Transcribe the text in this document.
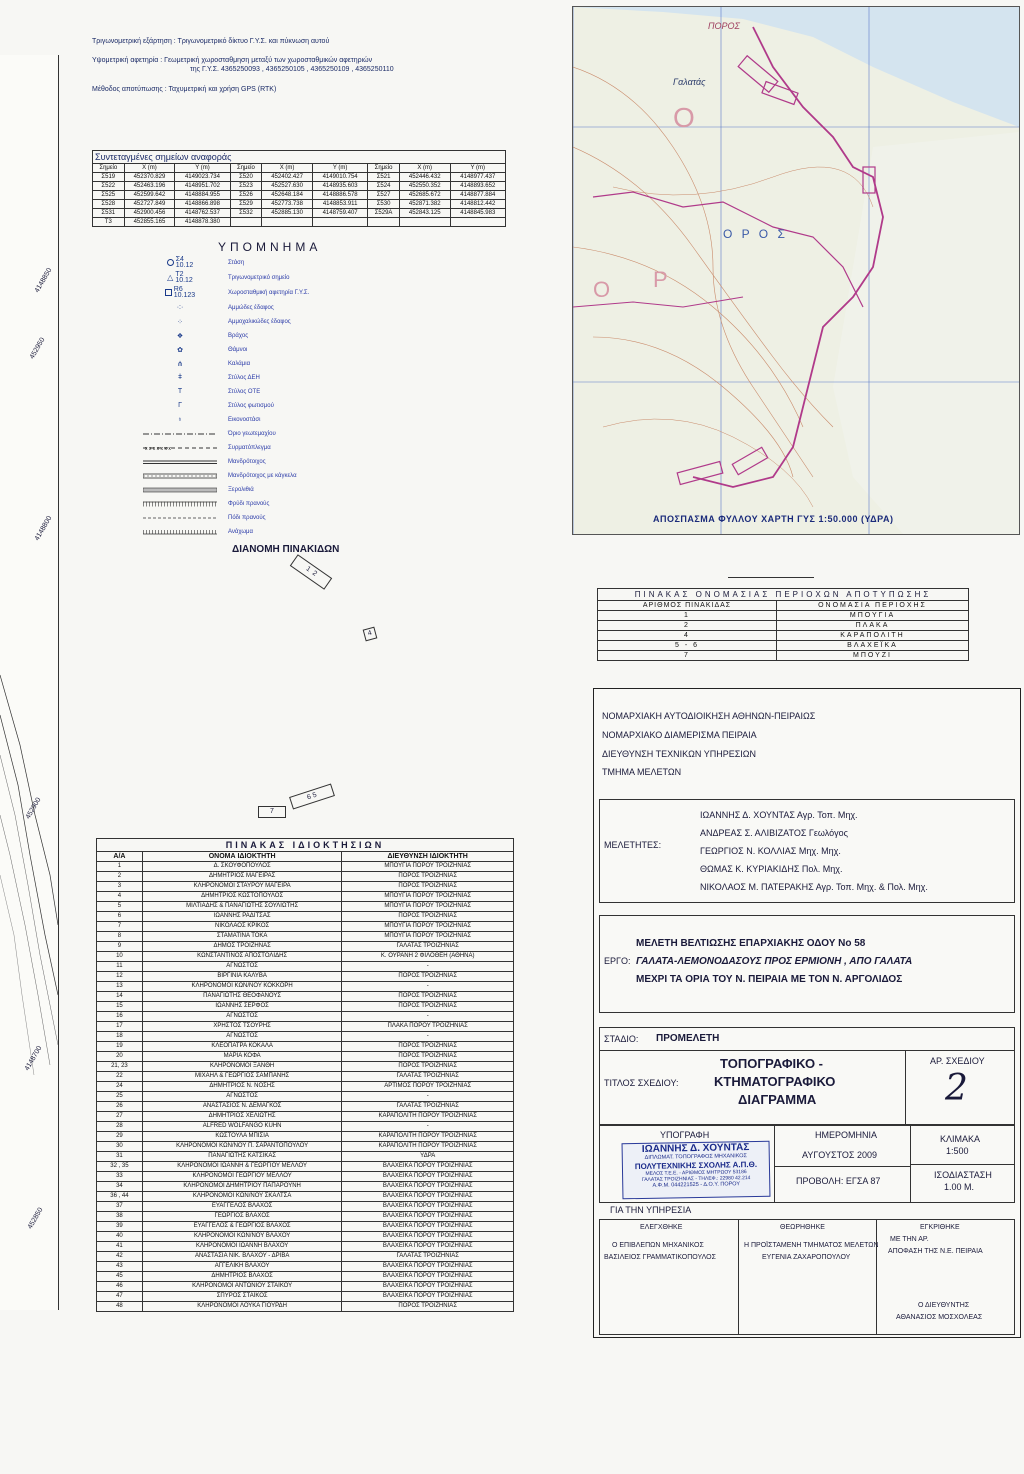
4148850
452950
4148800
452900
4148700
452850
Τριγωνομετρική εξάρτηση : Τριγωνομετρικό δίκτυο Γ.Υ.Σ. και πύκνωση αυτού
Υψομετρική αφετηρία : Γεωμετρική χωροσταθμηση μεταξύ των χωροσταθμικών αφετηριών
της Γ.Υ.Σ. 4365250093 , 4365250105 , 4365250109 , 4365250110
Μέθοδος αποτύπωσης : Ταχυμετρική και χρήση GPS (RTK)
Συντεταγμένες σημείων αναφοράς
Σημείο	X (m)	Y (m)	Σημείο	X (m)	Y (m)	Σημείο	X (m)	Y (m)
Σ519	452370.829	4149023.734	Σ520	452402.427	4149010.754	Σ521	452446.432	4148977.437
Σ522	452463.196	4148951.702	Σ523	452527.630	4148935.603	Σ524	452550.352	4148893.652
Σ525	452599.642	4148884.955	Σ526	452648.184	4148886.578	Σ527	452685.672	4148877.884
Σ528	452727.849	4148866.898	Σ529	452773.738	4148853.911	Σ530	452871.382	4148812.442
Σ531	452900.456	4148762.537	Σ532	452885.130	4148759.407	Σ529Α	452843.125	4148845.983
Τ3	452855.165	4148878.380						
ΥΠΟΜΝΗΜΑ
Σ4
10.12	Στάση
△ Τ2
10.12	Τριγωνομετρικό σημείο
R6
10.123	Χωροσταθμική αφετηρία Γ.Υ.Σ.
·:·	Αμμώδες έδαφος
⁘	Αμμοχαλικώδες έδαφος
❖	Βράχος
✿	Θάμνοι
⋔	Καλάμια
ǂ	Στύλος ΔΕΗ
T	Στύλος ΟΤΕ
Г	Στύλος φωτισμού
♁	Εικονοστάσι
Όριο γεωτεμαχίου
x x x x x x x	Συρματόπλεγμα
Μανδρότοιχος
Μανδρότοιχος με κάγκελα
Ξερολιθιά
Φρύδι πρανούς
Πόδι πρανούς
Ανάχωμα
ΔΙΑΝΟΜΗ ΠΙΝΑΚΙΔΩΝ
1  2
4
7
6 5
O
O P
ΠΟΡΟΣ
Γαλατάς
Ο Ρ Ο Σ
ΑΠΟΣΠΑΣΜΑ ΦΥΛΛΟΥ ΧΑΡΤΗ ΓΥΣ 1:50.000 (ΥΔΡΑ)
ΠΙΝΑΚΑΣ ΟΝΟΜΑΣΙΑΣ ΠΕΡΙΟΧΩΝ ΑΠΟΤΥΠΩΣΗΣ
ΑΡΙΘΜΟΣ ΠΙΝΑΚΙΔΑΣ	ΟΝΟΜΑΣΙΑ ΠΕΡΙΟΧΗΣ
1	ΜΠΟΥΓΙΑ
2	ΠΛΑΚΑ
4	ΚΑΡΑΠΟΛΙΤΗ
5 - 6	ΒΛΑΧΕΪΚΑ
7	ΜΠΟΥΖΙ
ΠΙΝΑΚΑΣ ΙΔΙΟΚΤΗΣΙΩΝ
Α/Α	ΟΝΟΜΑ ΙΔΙΟΚΤΗΤΗ	ΔΙΕΥΘΥΝΣΗ ΙΔΙΟΚΤΗΤΗ
1	Δ. ΣΚΟΥΦΟΠΟΥΛΟΣ	ΜΠΟΥΓΙΑ ΠΟΡΟΥ ΤΡΟΙΖΗΝΙΑΣ
2	ΔΗΜΗΤΡΙΟΣ ΜΑΓΕΙΡΑΣ	ΠΟΡΟΣ ΤΡΟΙΖΗΝΙΑΣ
3	ΚΛΗΡΟΝΟΜΟΙ ΣΤΑΥΡΟΥ ΜΑΓΕΙΡΑ	ΠΟΡΟΣ ΤΡΟΙΖΗΝΙΑΣ
4	ΔΗΜΗΤΡΙΟΣ ΚΩΣΤΟΠΟΥΛΟΣ	ΜΠΟΥΓΙΑ ΠΟΡΟΥ ΤΡΟΙΖΗΝΙΑΣ
5	ΜΙΛΤΙΑΔΗΣ & ΠΑΝΑΓΙΩΤΗΣ ΣΟΥΛΙΩΤΗΣ	ΜΠΟΥΓΙΑ ΠΟΡΟΥ ΤΡΟΙΖΗΝΙΑΣ
6	ΙΩΑΝΝΗΣ ΡΑΔΙΤΣΑΣ	ΠΟΡΟΣ ΤΡΟΙΖΗΝΙΑΣ
7	ΝΙΚΟΛΑΟΣ ΚΡΙΚΟΣ	ΜΠΟΥΓΙΑ ΠΟΡΟΥ ΤΡΟΙΖΗΝΙΑΣ
8	ΣΤΑΜΑΤΙΝΑ ΤΟΚΑ	ΜΠΟΥΓΙΑ ΠΟΡΟΥ ΤΡΟΙΖΗΝΙΑΣ
9	ΔΗΜΟΣ ΤΡΟΙΖΗΝΑΣ	ΓΑΛΑΤΑΣ ΤΡΟΙΖΗΝΙΑΣ
10	ΚΩΝΣΤΑΝΤΙΝΟΣ ΑΠΟΣΤΟΛΙΔΗΣ	Κ. ΟΥΡΑΝΗ 2 ΦΙΛΟΘΕΗ (ΑΘΗΝΑ)
11	ΑΓΝΩΣΤΟΣ	-
12	ΒΙΡΓΙΝΙΑ ΚΑΛΥΒΑ	ΠΟΡΟΣ ΤΡΟΙΖΗΝΙΑΣ
13	ΚΛΗΡΟΝΟΜΟΙ ΚΩΝ/ΝΟΥ ΚΟΚΚΟΡΗ	-
14	ΠΑΝΑΓΙΩΤΗΣ ΘΕΟΦΑΝΟΥΣ	ΠΟΡΟΣ ΤΡΟΙΖΗΝΙΑΣ
15	ΙΩΑΝΝΗΣ ΣΕΡΦΟΣ	ΠΟΡΟΣ ΤΡΟΙΖΗΝΙΑΣ
16	ΑΓΝΩΣΤΟΣ	-
17	ΧΡΗΣΤΟΣ ΤΣΟΥΡΗΣ	ΠΛΑΚΑ ΠΟΡΟΥ ΤΡΟΙΖΗΝΙΑΣ
18	ΑΓΝΩΣΤΟΣ	-
19	ΚΛΕΟΠΑΤΡΑ ΚΟΚΑΛΑ	ΠΟΡΟΣ ΤΡΟΙΖΗΝΙΑΣ
20	ΜΑΡΙΑ ΚΟΦΑ	ΠΟΡΟΣ ΤΡΟΙΖΗΝΙΑΣ
21, 23	ΚΛΗΡΟΝΟΜΟΙ ΞΑΝΘΗ	ΠΟΡΟΣ ΤΡΟΙΖΗΝΙΑΣ
22	ΜΙΧΑΗΛ & ΓΕΩΡΓΙΟΣ ΣΑΜΠΑΝΗΣ	ΓΑΛΑΤΑΣ ΤΡΟΙΖΗΝΙΑΣ
24	ΔΗΜΗΤΡΙΟΣ Ν. ΝΟΣΗΣ	ΑΡΤΙΜΟΣ ΠΟΡΟΥ ΤΡΟΙΖΗΝΙΑΣ
25	ΑΓΝΩΣΤΟΣ	-
26	ΑΝΑΣΤΑΣΙΟΣ Ν. ΔΕΜΑΓΚΟΣ	ΓΑΛΑΤΑΣ ΤΡΟΙΖΗΝΙΑΣ
27	ΔΗΜΗΤΡΙΟΣ ΧΕΛΙΩΤΗΣ	ΚΑΡΑΠΟΛΙΤΗ ΠΟΡΟΥ ΤΡΟΙΖΗΝΙΑΣ
28	ALFRED WOLFANGO KUHN	-
29	ΚΩΣΤΟΥΛΑ ΜΠΙΣΙΑ	ΚΑΡΑΠΟΛΙΤΗ ΠΟΡΟΥ ΤΡΟΙΖΗΝΙΑΣ
30	ΚΛΗΡΟΝΟΜΟΙ ΚΩΝ/ΝΟΥ Π. ΣΑΡΑΝΤΟΠΟΥΛΟΥ	ΚΑΡΑΠΟΛΙΤΗ ΠΟΡΟΥ ΤΡΟΙΖΗΝΙΑΣ
31	ΠΑΝΑΓΙΩΤΗΣ ΚΑΤΣΙΚΑΣ	ΥΔΡΑ
32 , 35	ΚΛΗΡΟΝΟΜΟΙ ΙΩΑΝΝΗ & ΓΕΩΡΓΙΟΥ ΜΕΛΛΟΥ	ΒΛΑΧΕΪΚΑ ΠΟΡΟΥ ΤΡΟΙΖΗΝΙΑΣ
33	ΚΛΗΡΟΝΟΜΟΙ ΓΕΩΡΓΙΟΥ ΜΕΛΛΟΥ	ΒΛΑΧΕΪΚΑ ΠΟΡΟΥ ΤΡΟΙΖΗΝΙΑΣ
34	ΚΛΗΡΟΝΟΜΟΙ ΔΗΜΗΤΡΙΟΥ ΠΑΠΑΡΟΥΝΗ	ΒΛΑΧΕΪΚΑ ΠΟΡΟΥ ΤΡΟΙΖΗΝΙΑΣ
36 , 44	ΚΛΗΡΟΝΟΜΟΙ ΚΩΝ/ΝΟΥ ΣΚΑΛΤΣΑ	ΒΛΑΧΕΪΚΑ ΠΟΡΟΥ ΤΡΟΙΖΗΝΙΑΣ
37	ΕΥΑΓΓΕΛΟΣ ΒΛΑΧΟΣ	ΒΛΑΧΕΪΚΑ ΠΟΡΟΥ ΤΡΟΙΖΗΝΙΑΣ
38	ΓΕΩΡΓΙΟΣ ΒΛΑΧΟΣ	ΒΛΑΧΕΪΚΑ ΠΟΡΟΥ ΤΡΟΙΖΗΝΙΑΣ
39	ΕΥΑΓΓΕΛΟΣ & ΓΕΩΡΓΙΟΣ ΒΛΑΧΟΣ	ΒΛΑΧΕΪΚΑ ΠΟΡΟΥ ΤΡΟΙΖΗΝΙΑΣ
40	ΚΛΗΡΟΝΟΜΟΙ ΚΩΝ/ΝΟΥ ΒΛΑΧΟΥ	ΒΛΑΧΕΪΚΑ ΠΟΡΟΥ ΤΡΟΙΖΗΝΙΑΣ
41	ΚΛΗΡΟΝΟΜΟΙ ΙΩΑΝΝΗ ΒΛΑΧΟΥ	ΒΛΑΧΕΪΚΑ ΠΟΡΟΥ ΤΡΟΙΖΗΝΙΑΣ
42	ΑΝΑΣΤΑΣΙΑ ΝΙΚ. ΒΛΑΧΟΥ - ΔΡΙΒΑ	ΓΑΛΑΤΑΣ ΤΡΟΙΖΗΝΙΑΣ
43	ΑΓΓΕΛΙΚΗ ΒΛΑΧΟΥ	ΒΛΑΧΕΪΚΑ ΠΟΡΟΥ ΤΡΟΙΖΗΝΙΑΣ
45	ΔΗΜΗΤΡΙΟΣ ΒΛΑΧΟΣ	ΒΛΑΧΕΪΚΑ ΠΟΡΟΥ ΤΡΟΙΖΗΝΙΑΣ
46	ΚΛΗΡΟΝΟΜΟΙ ΑΝΤΩΝΙΟΥ ΣΤΑΪΚΟΥ	ΒΛΑΧΕΪΚΑ ΠΟΡΟΥ ΤΡΟΙΖΗΝΙΑΣ
47	ΣΠΥΡΟΣ ΣΤΑΪΚΟΣ	ΒΛΑΧΕΪΚΑ ΠΟΡΟΥ ΤΡΟΙΖΗΝΙΑΣ
48	ΚΛΗΡΟΝΟΜΟΙ ΛΟΥΚΑ ΓΙΟΥΡΔΗ	ΠΟΡΟΣ ΤΡΟΙΖΗΝΙΑΣ
ΝΟΜΑΡΧΙΑΚΗ ΑΥΤΟΔΙΟΙΚΗΣΗ ΑΘΗΝΩΝ-ΠΕΙΡΑΙΩΣ
ΝΟΜΑΡΧΙΑΚΟ ΔΙΑΜΕΡΙΣΜΑ ΠΕΙΡΑΙΑ
ΔΙΕΥΘΥΝΣΗ ΤΕΧΝΙΚΩΝ ΥΠΗΡΕΣΙΩΝ
ΤΜΗΜΑ ΜΕΛΕΤΩΝ
ΜΕΛΕΤΗΤΕΣ:
ΙΩΑΝΝΗΣ Δ. ΧΟΥΝΤΑΣ Αγρ. Τοπ. Μηχ.
ΑΝΔΡΕΑΣ Σ. ΑΛΙΒΙΖΑΤΟΣ Γεωλόγος
ΓΕΩΡΓΙΟΣ Ν. ΚΟΛΛΙΑΣ Μηχ. Μηχ.
ΘΩΜΑΣ Κ. ΚΥΡΙΑΚΙΔΗΣ Πολ. Μηχ.
ΝΙΚΟΛΑΟΣ Μ. ΠΑΤΕΡΑΚΗΣ Αγρ. Τοπ. Μηχ. & Πολ. Μηχ.
ΕΡΓΟ:
ΜΕΛΕΤΗ ΒΕΛΤΙΩΣΗΣ ΕΠΑΡΧΙΑΚΗΣ ΟΔΟΥ Νο 58
ΓΑΛΑΤΑ-ΛΕΜΟΝΟΔΑΣΟΥΣ ΠΡΟΣ ΕΡΜΙΟΝΗ , ΑΠΟ ΓΑΛΑΤΑ
ΜΕΧΡΙ ΤΑ ΟΡΙΑ ΤΟΥ Ν. ΠΕΙΡΑΙΑ ΜΕ ΤΟΝ Ν. ΑΡΓΟΛΙΔΟΣ
ΣΤΑΔΙΟ: ΠΡΟΜΕΛΕΤΗ
ΤΙΤΛΟΣ ΣΧΕΔΙΟΥ:
ΤΟΠΟΓΡΑΦΙΚΟ -
ΚΤΗΜΑΤΟΓΡΑΦΙΚΟ
ΔΙΑΓΡΑΜΜΑ
ΑΡ. ΣΧΕΔΙΟΥ
2
ΥΠΟΓΡΑΦΗ
ΙΩΑΝΝΗΣ Δ. ΧΟΥΝΤΑΣ
ΔΙΠΛΩΜΑΤ. ΤΟΠΟΓΡΑΦΟΣ ΜΗΧΑΝΙΚΟΣ
ΠΟΛΥΤΕΧΝΙΚΗΣ ΣΧΟΛΗΣ Α.Π.Θ.
ΜΕΛΟΣ Τ.Ε.Ε. - ΑΡΙΘΜΟΣ ΜΗΤΡΩΟΥ 53186
ΓΑΛΑΤΑΣ ΤΡΟΙΖΗΝΙΑΣ - ΤΗΛΕΦ.: 22980 42.214
Α.Φ.Μ. 044221525 - Δ.Ο.Υ. ΠΟΡΟΥ
ΗΜΕΡΟΜΗΝΙΑ
ΑΥΓΟΥΣΤΟΣ 2009
ΠΡΟΒΟΛΗ: ΕΓΣΑ 87
ΚΛΙΜΑΚΑ
1:500
ΙΣΟΔΙΑΣΤΑΣΗ
1.00 Μ.
ΓΙΑ ΤΗΝ ΥΠΗΡΕΣΙΑ
ΕΛΕΓΧΘΗΚΕ
Ο ΕΠΙΒΛΕΠΩΝ ΜΗΧΑΝΙΚΟΣ
ΒΑΣΙΛΕΙΟΣ ΓΡΑΜΜΑΤΙΚΟΠΟΥΛΟΣ
ΘΕΩΡΗΘΗΚΕ
Η ΠΡΟΪΣΤΑΜΕΝΗ ΤΜΗΜΑΤΟΣ ΜΕΛΕΤΩΝ
ΕΥΓΕΝΙΑ ΖΑΧΑΡΟΠΟΥΛΟΥ
ΕΓΚΡΙΘΗΚΕ
ΜΕ ΤΗΝ ΑΡ.
ΑΠΟΦΑΣΗ ΤΗΣ Ν.Ε. ΠΕΙΡΑΙΑ
Ο ΔΙΕΥΘΥΝΤΗΣ
ΑΘΑΝΑΣΙΟΣ ΜΟΣΧΟΛΕΑΣ
